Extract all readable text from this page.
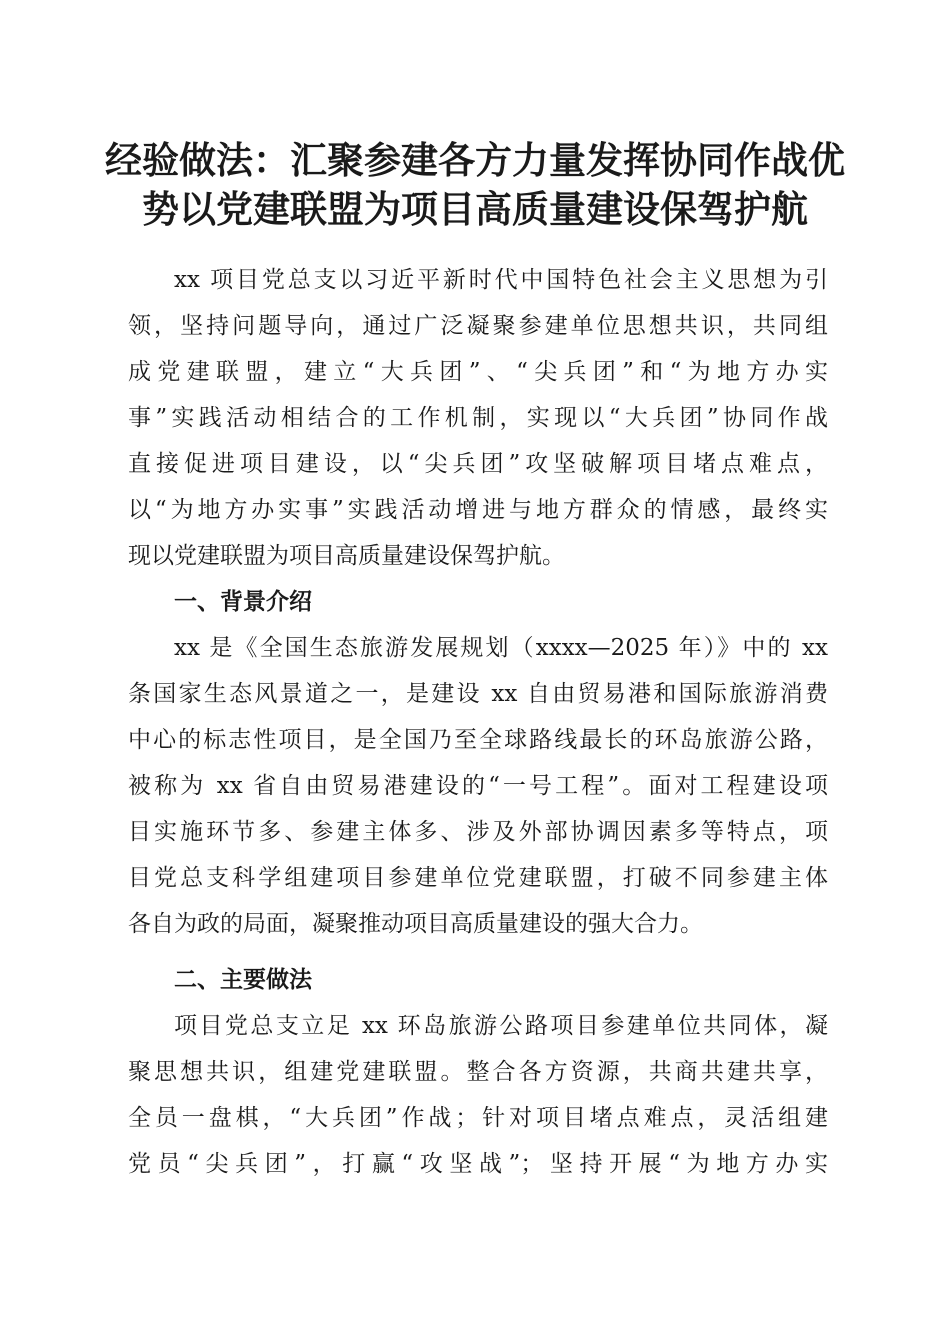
经验做法：汇聚参建各方力量发挥协同作战优
势以党建联盟为项目高质量建设保驾护航
xx 项目党总支以习近平新时代中国特色社会主义思想为引
领，坚持问题导向，通过广泛凝聚参建单位思想共识，共同组
成党建联盟，建立“大兵团”、“尖兵团”和“为地方办实
事”实践活动相结合的工作机制，实现以“大兵团”协同作战
直接促进项目建设，以“尖兵团”攻坚破解项目堵点难点，
以“为地方办实事”实践活动增进与地方群众的情感，最终实
现以党建联盟为项目高质量建设保驾护航。
一、背景介绍
xx 是《全国生态旅游发展规划（xxxx—2025 年）》中的 xx
条国家生态风景道之一，是建设 xx 自由贸易港和国际旅游消费
中心的标志性项目，是全国乃至全球路线最长的环岛旅游公路，
被称为 xx 省自由贸易港建设的“一号工程”。面对工程建设项
目实施环节多、参建主体多、涉及外部协调因素多等特点，项
目党总支科学组建项目参建单位党建联盟，打破不同参建主体
各自为政的局面，凝聚推动项目高质量建设的强大合力。
二、主要做法
项目党总支立足 xx 环岛旅游公路项目参建单位共同体，凝
聚思想共识，组建党建联盟。整合各方资源，共商共建共享，
全员一盘棋，“大兵团”作战；针对项目堵点难点，灵活组建
党员“尖兵团”，打赢“攻坚战”；坚持开展“为地方办实
